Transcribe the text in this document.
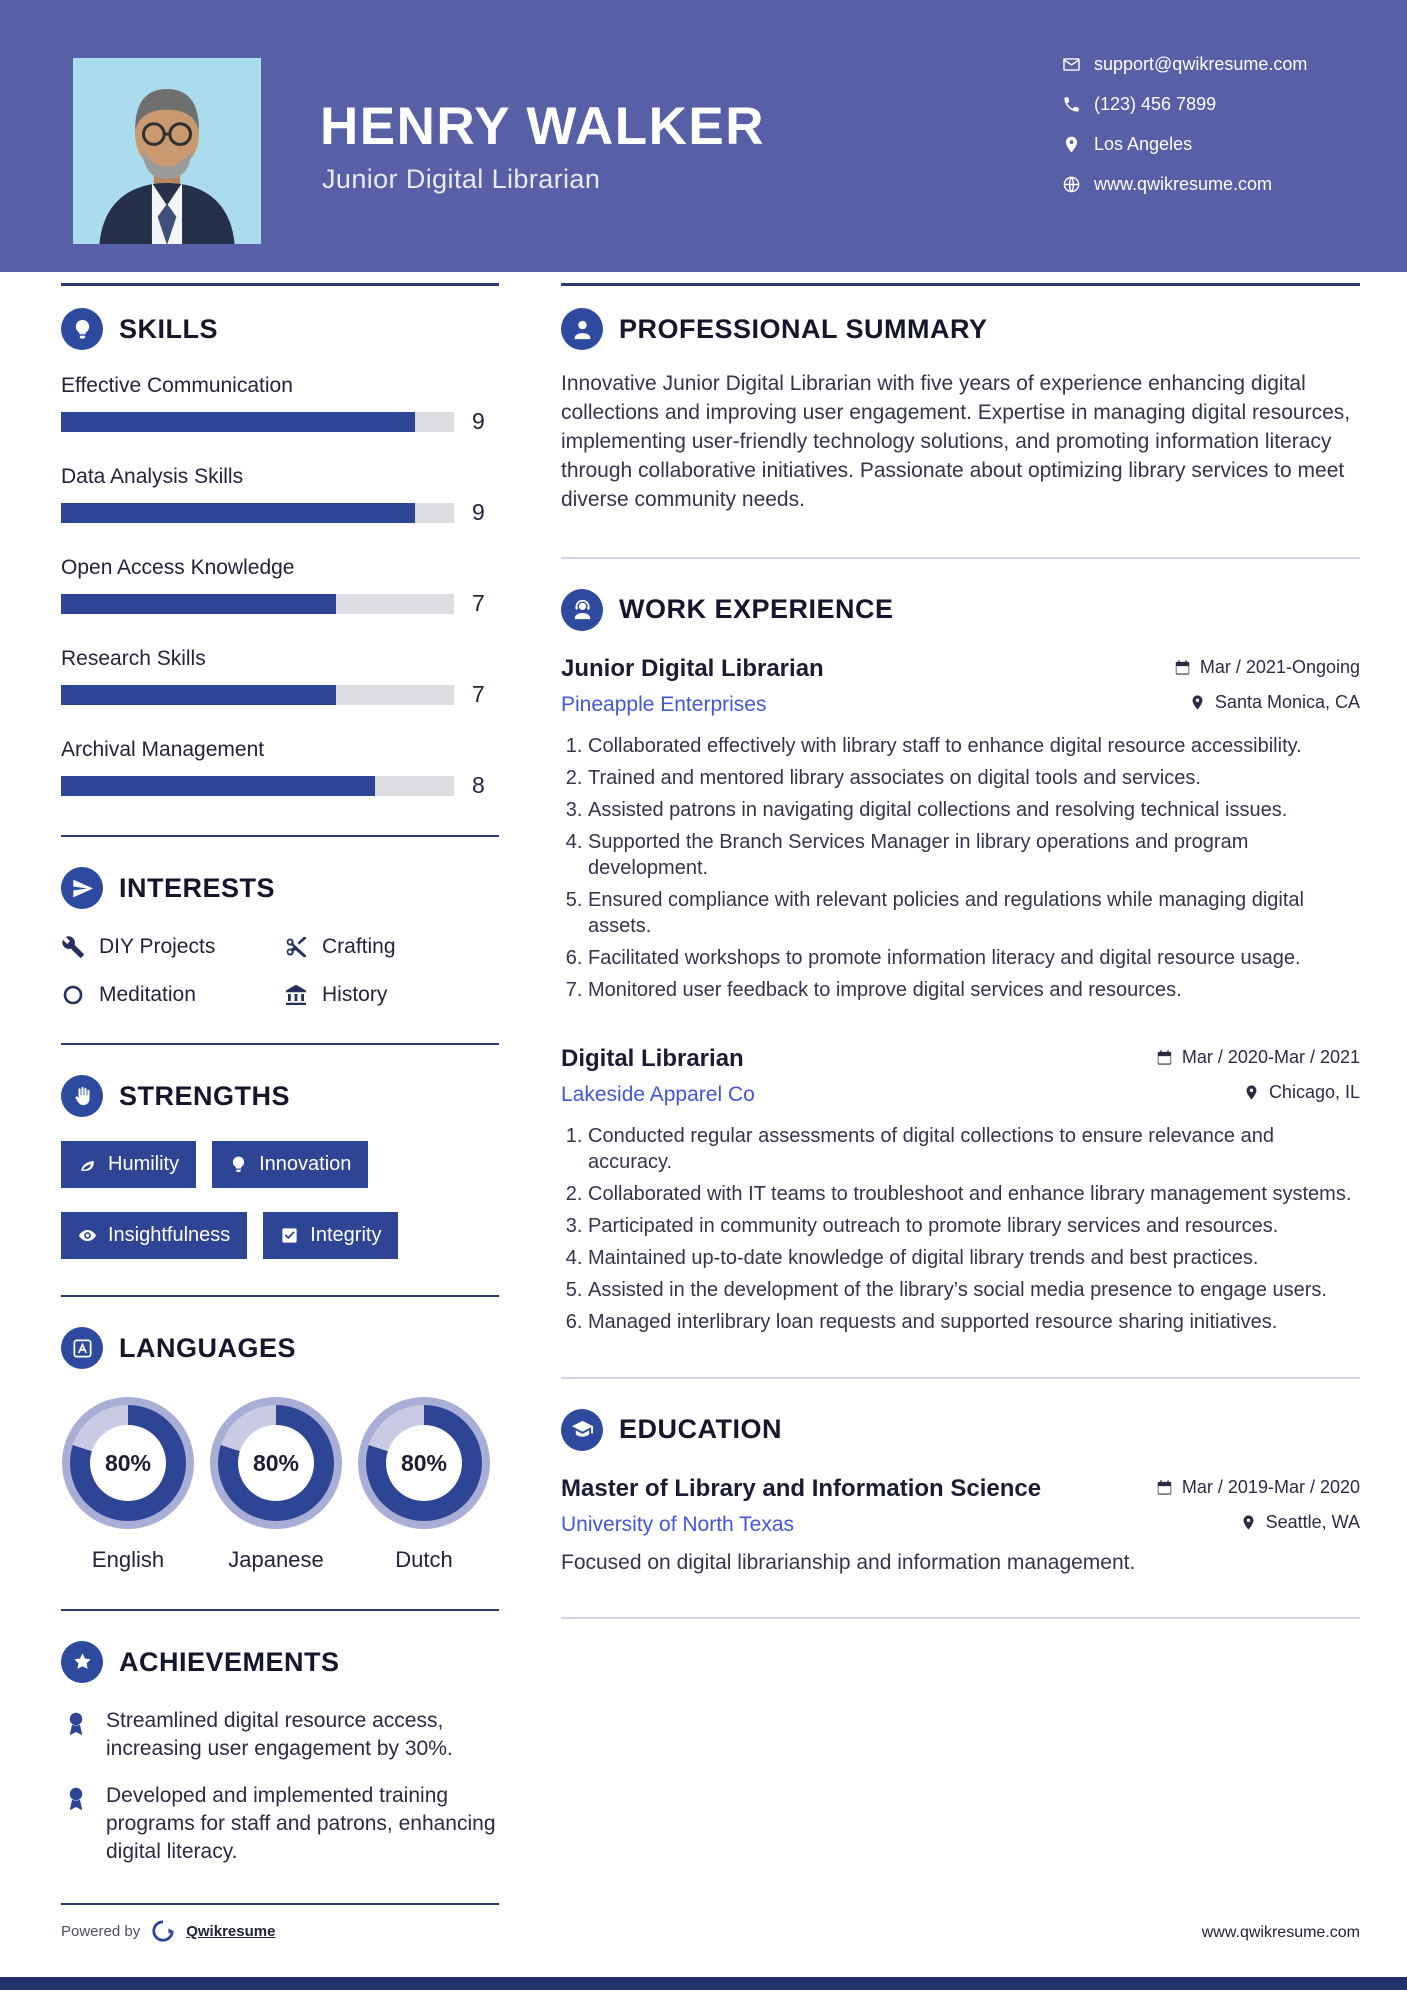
HENRY WALKER
Junior Digital Librarian
support@qwikresume.com
(123) 456 7899
Los Angeles
www.qwikresume.com
SKILLS
Effective Communication
9
Data Analysis Skills
9
Open Access Knowledge
7
Research Skills
7
Archival Management
8
INTERESTS
DIY Projects	Crafting
Meditation	History
STRENGTHS
Humility	Innovation
Insightfulness	Integrity
LANGUAGES
80%
English
80%
Japanese
80%
Dutch
ACHIEVEMENTS

Streamlined digital resource access, increasing user engagement by 30%.

Developed and implemented training programs for staff and patrons, enhancing digital literacy.

PROFESSIONAL SUMMARY

Innovative Junior Digital Librarian with five years of experience enhancing digital collections and improving user engagement. Expertise in managing digital resources, implementing user-friendly technology solutions, and promoting information literacy through collaborative initiatives. Passionate about optimizing library services to meet diverse community needs.

WORK EXPERIENCE
Junior Digital Librarian	Mar / 2021-Ongoing
Pineapple Enterprises	Santa Monica, CA
1. Collaborated effectively with library staff to enhance digital resource accessibility.
2. Trained and mentored library associates on digital tools and services.
3. Assisted patrons in navigating digital collections and resolving technical issues.
4. Supported the Branch Services Manager in library operations and program development.
5. Ensured compliance with relevant policies and regulations while managing digital assets.
6. Facilitated workshops to promote information literacy and digital resource usage.
7. Monitored user feedback to improve digital services and resources.
Digital Librarian	Mar / 2020-Mar / 2021
Lakeside Apparel Co	Chicago, IL
1. Conducted regular assessments of digital collections to ensure relevance and accuracy.
2. Collaborated with IT teams to troubleshoot and enhance library management systems.
3. Participated in community outreach to promote library services and resources.
4. Maintained up-to-date knowledge of digital library trends and best practices.
5. Assisted in the development of the library’s social media presence to engage users.
6. Managed interlibrary loan requests and supported resource sharing initiatives.
EDUCATION
Master of Library and Information Science	Mar / 2019-Mar / 2020
University of North Texas	Seattle, WA

Focused on digital librarianship and information management.

Powered by	Qwikresume	www.qwikresume.com
